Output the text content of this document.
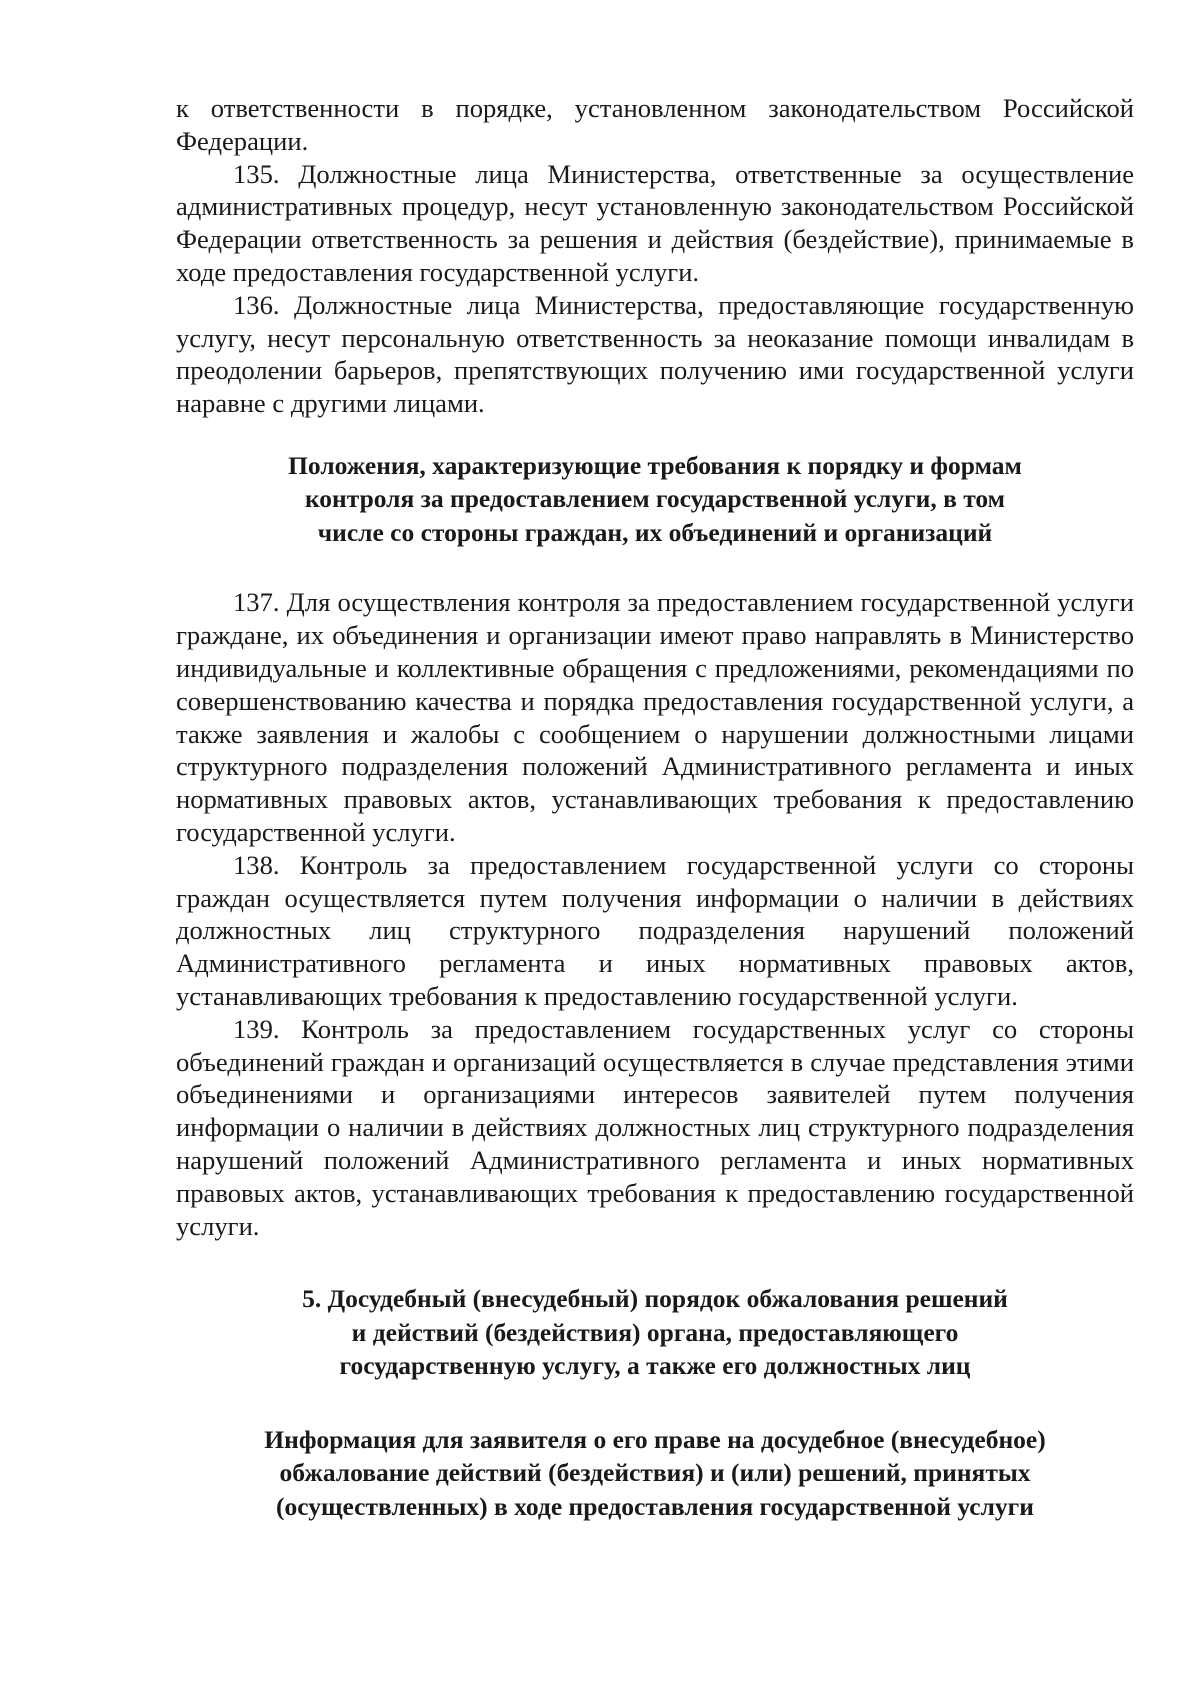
к ответственности в порядке, установленном законодательством Российской Федерации.

135. Должностные лица Министерства, ответственные за осуществление административных процедур, несут установленную законодательством Российской Федерации ответственность за решения и действия (бездействие), принимаемые в ходе предоставления государственной услуги.

136. Должностные лица Министерства, предоставляющие государственную услугу, несут персональную ответственность за неоказание помощи инвалидам в преодолении барьеров, препятствующих получению ими государственной услуги наравне с другими лицами.

Положения, характеризующие требования к порядку и формам
контроля за предоставлением государственной услуги, в том
числе со стороны граждан, их объединений и организаций

137. Для осуществления контроля за предоставлением государственной услуги граждане, их объединения и организации имеют право направлять в Министерство индивидуальные и коллективные обращения с предложениями, рекомендациями по совершенствованию качества и порядка предоставления государственной услуги, а также заявления и жалобы с сообщением о нарушении должностными лицами структурного подразделения положений Административного регламента и иных нормативных правовых актов, устанавливающих требования к предоставлению государственной услуги.

138. Контроль за предоставлением государственной услуги со стороны граждан осуществляется путем получения информации о наличии в действиях должностных лиц структурного подразделения нарушений положений Административного регламента и иных нормативных правовых актов, устанавливающих требования к предоставлению государственной услуги.

139. Контроль за предоставлением государственных услуг со стороны объединений граждан и организаций осуществляется в случае представления этими объединениями и организациями интересов заявителей путем получения информации о наличии в действиях должностных лиц структурного подразделения нарушений положений Административного регламента и иных нормативных правовых актов, устанавливающих требования к предоставлению государственной услуги.

5. Досудебный (внесудебный) порядок обжалования решений
и действий (бездействия) органа, предоставляющего
государственную услугу, а также его должностных лиц
Информация для заявителя о его праве на досудебное (внесудебное)
обжалование действий (бездействия) и (или) решений, принятых
(осуществленных) в ходе предоставления государственной услуги
